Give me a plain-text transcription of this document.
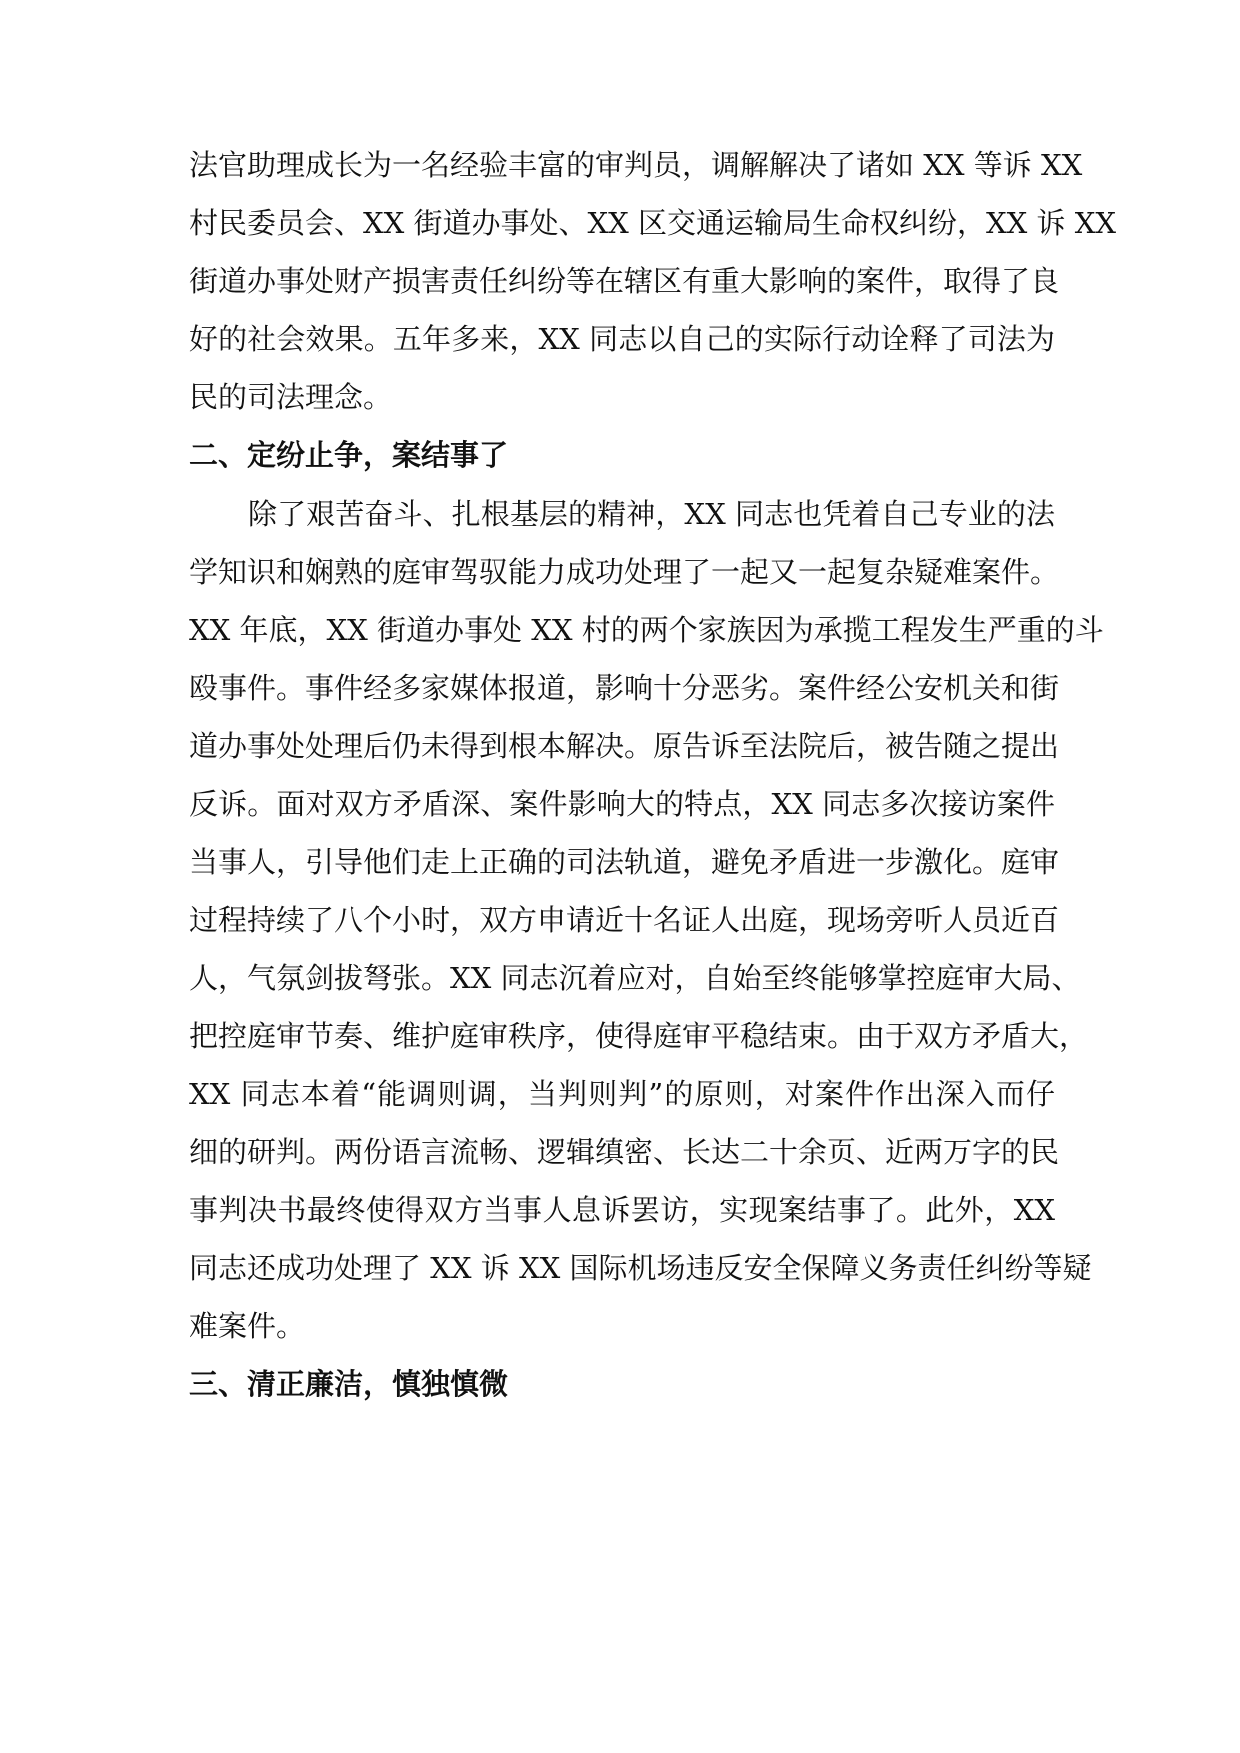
法官助理成长为一名经验丰富的审判员，调解解决了诸如 XX 等诉 XX
村民委员会、XX 街道办事处、XX 区交通运输局生命权纠纷，XX 诉 XX
街道办事处财产损害责任纠纷等在辖区有重大影响的案件，取得了良
好的社会效果。五年多来，XX 同志以自己的实际行动诠释了司法为
民的司法理念。
二、定纷止争，案结事了
除了艰苦奋斗、扎根基层的精神，XX 同志也凭着自己专业的法
学知识和娴熟的庭审驾驭能力成功处理了一起又一起复杂疑难案件。
XX 年底，XX 街道办事处 XX 村的两个家族因为承揽工程发生严重的斗
殴事件。事件经多家媒体报道，影响十分恶劣。案件经公安机关和街
道办事处处理后仍未得到根本解决。原告诉至法院后，被告随之提出
反诉。面对双方矛盾深、案件影响大的特点，XX 同志多次接访案件
当事人，引导他们走上正确的司法轨道，避免矛盾进一步激化。庭审
过程持续了八个小时，双方申请近十名证人出庭，现场旁听人员近百
人，气氛剑拔弩张。XX 同志沉着应对，自始至终能够掌控庭审大局、
把控庭审节奏、维护庭审秩序，使得庭审平稳结束。由于双方矛盾大，
XX 同志本着“能调则调，当判则判”的原则，对案件作出深入而仔
细的研判。两份语言流畅、逻辑缜密、长达二十余页、近两万字的民
事判决书最终使得双方当事人息诉罢访，实现案结事了。此外，XX
同志还成功处理了 XX 诉 XX 国际机场违反安全保障义务责任纠纷等疑
难案件。
三、清正廉洁，慎独慎微
